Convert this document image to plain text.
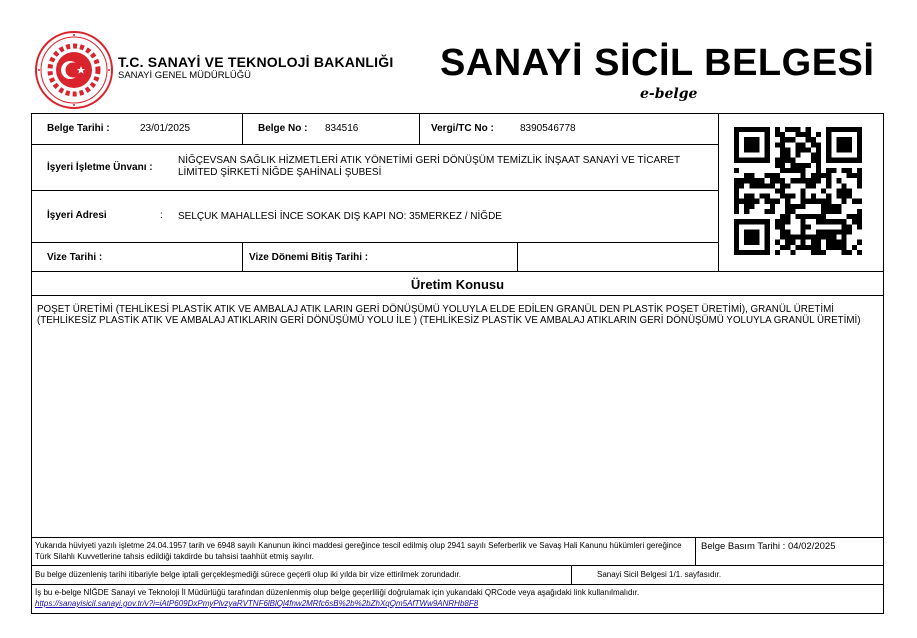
T.C. SANAYİ VE TEKNOLOJİ BAKANLIĞI
SANAYİ GENEL MÜDÜRLÜĞÜ	SANAYİ SİCİL BELGESİ
e-belge
Belge Tarihi :	23/01/2025	Belge No : 834516	Vergi/TC No :	8390546778
İşyeri İşletme Ünvanı :
NİĞÇEVSAN SAĞLIK HİZMETLERİ ATIK YÖNETİMİ GERİ DÖNÜŞÜM TEMİZLİK İNŞAAT SANAYİ VE TİCARET LİMİTED ŞİRKETİ NİĞDE ŞAHİNALİ ŞUBESİ
İşyeri Adresi	: SELÇUK MAHALLESİ İNCE SOKAK DIŞ KAPI NO: 35MERKEZ / NİĞDE
Vize Tarihi :	Vize Dönemi Bitiş Tarihi :
Üretim Konusu
POŞET ÜRETİMİ (TEHLİKESİ PLASTİK ATIK VE AMBALAJ ATIK LARIN GERİ DÖNÜŞÜMÜ YOLUYLA ELDE EDİLEN GRANÜL DEN PLASTİK POŞET ÜRETİMİ), GRANÜL ÜRETİMİ (TEHLİKESİZ PLASTİK ATIK VE AMBALAJ ATIKLARIN GERİ DÖNÜŞÜMÜ YOLU İLE ) (TEHLİKESİZ PLASTİK VE AMBALAJ ATIKLARIN GERİ DÖNÜŞÜMÜ YOLUYLA GRANÜL ÜRETİMİ)
Yukarıda hüviyeti yazılı işletme 24.04.1957 tarih ve 6948 sayılı Kanunun ikinci maddesi gereğince tescil edilmiş olup 2941 sayılı Seferberlik ve Savaş Hali Kanunu hükümleri gereğince Türk Silahlı Kuvvetlerine tahsis edildiği takdirde bu tahsisi taahhüt etmiş sayılır.
Belge Basım Tarihi : 04/02/2025
Bu belge düzenleniş tarihi itibariyle belge iptali gerçekleşmediği sürece geçerli olup iki yılda bir vize ettirilmek zorundadır.	Sanayi Sicil Belgesi 1/1. sayfasıdır.
İş bu e-belge NİĞDE Sanayi ve Teknoloji İl Müdürlüğü tarafından düzenlenmiş olup belge geçerliliği doğrulamak için yukarıdaki QRCode veya aşağıdaki link kullanılmalıdır.
https://sanayisicil.sanayi.gov.tr/v?i=iAtP609DxPmyPlvzyaRVTNF6lBlQl4fnw2MRfc6sB%2b%2bZhXqQm5AfTWw9ANRHb8F8
